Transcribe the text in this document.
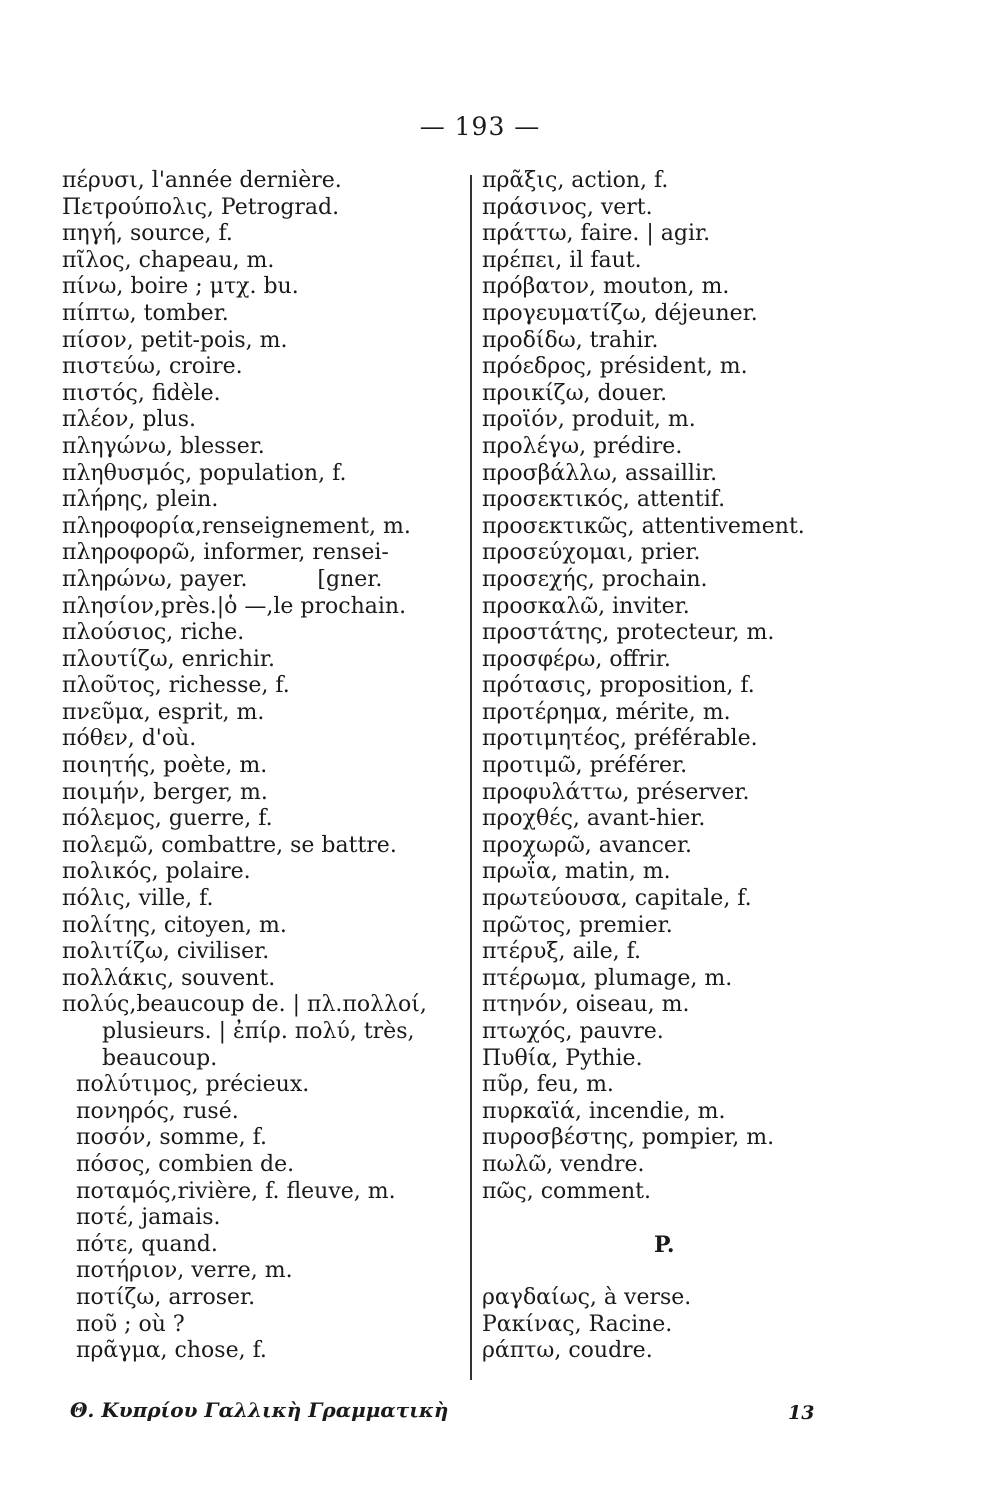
— 193 —
πέρυσι, l'année dernière.
Πετρούπολις, Petrograd.
πηγή, source, f.
πῖλος, chapeau, m.
πίνω, boire ; μτχ. bu.
πίπτω, tomber.
πίσον, petit-pois, m.
πιστεύω, croire.
πιστός, fidèle.
πλέον, plus.
πληγώνω, blesser.
πληθυσμός, population, f.
πλήρης, plein.
πληροφορία,renseignement, m.
πληροφορῶ, informer, rensei-
πληρώνω, payer.          [gner.
πλησίον,près.|ὁ —,le prochain.
πλούσιος, riche.
πλουτίζω, enrichir.
πλοῦτος, richesse, f.
πνεῦμα, esprit, m.
πόθεν, d'où.
ποιητής, poète, m.
ποιμήν, berger, m.
πόλεμος, guerre, f.
πολεμῶ, combattre, se battre.
πολικός, polaire.
πόλις, ville, f.
πολίτης, citoyen, m.
πολιτίζω, civiliser.
πολλάκις, souvent.
πολύς,beaucoup de. | πλ.πολλοί,
plusieurs. | ἐπίρ. πολύ, très,
beaucoup.
πολύτιμος, précieux.
πονηρός, rusé.
ποσόν, somme, f.
πόσος, combien de.
ποταμός,rivière, f. fleuve, m.
ποτέ, jamais.
πότε, quand.
ποτήριον, verre, m.
ποτίζω, arroser.
ποῦ ; où ?
πρᾶγμα, chose, f.
πρᾶξις, action, f.
πράσινος, vert.
πράττω, faire. | agir.
πρέπει, il faut.
πρόβατον, mouton, m.
προγευματίζω, déjeuner.
προδίδω, trahir.
πρόεδρος, président, m.
προικίζω, douer.
προϊόν, produit, m.
προλέγω, prédire.
προσβάλλω, assaillir.
προσεκτικός, attentif.
προσεκτικῶς, attentivement.
προσεύχομαι, prier.
προσεχής, prochain.
προσκαλῶ, inviter.
προστάτης, protecteur, m.
προσφέρω, offrir.
πρότασις, proposition, f.
προτέρημα, mérite, m.
προτιμητέος, préférable.
προτιμῶ, préférer.
προφυλάττω, préserver.
προχθές, avant-hier.
προχωρῶ, avancer.
πρωΐα, matin, m.
πρωτεύουσα, capitale, f.
πρῶτος, premier.
πτέρυξ, aile, f.
πτέρωμα, plumage, m.
πτηνόν, oiseau, m.
πτωχός, pauvre.
Πυθία, Pythie.
πῦρ, feu, m.
πυρκαϊά, incendie, m.
πυροσβέστης, pompier, m.
πωλῶ, vendre.
πῶς, comment.
P.
ραγδαίως, à verse.
Ρακίνας, Racine.
ράπτω, coudre.
Θ. Κυπρίου Γαλλικὴ Γραμματικὴ	13
